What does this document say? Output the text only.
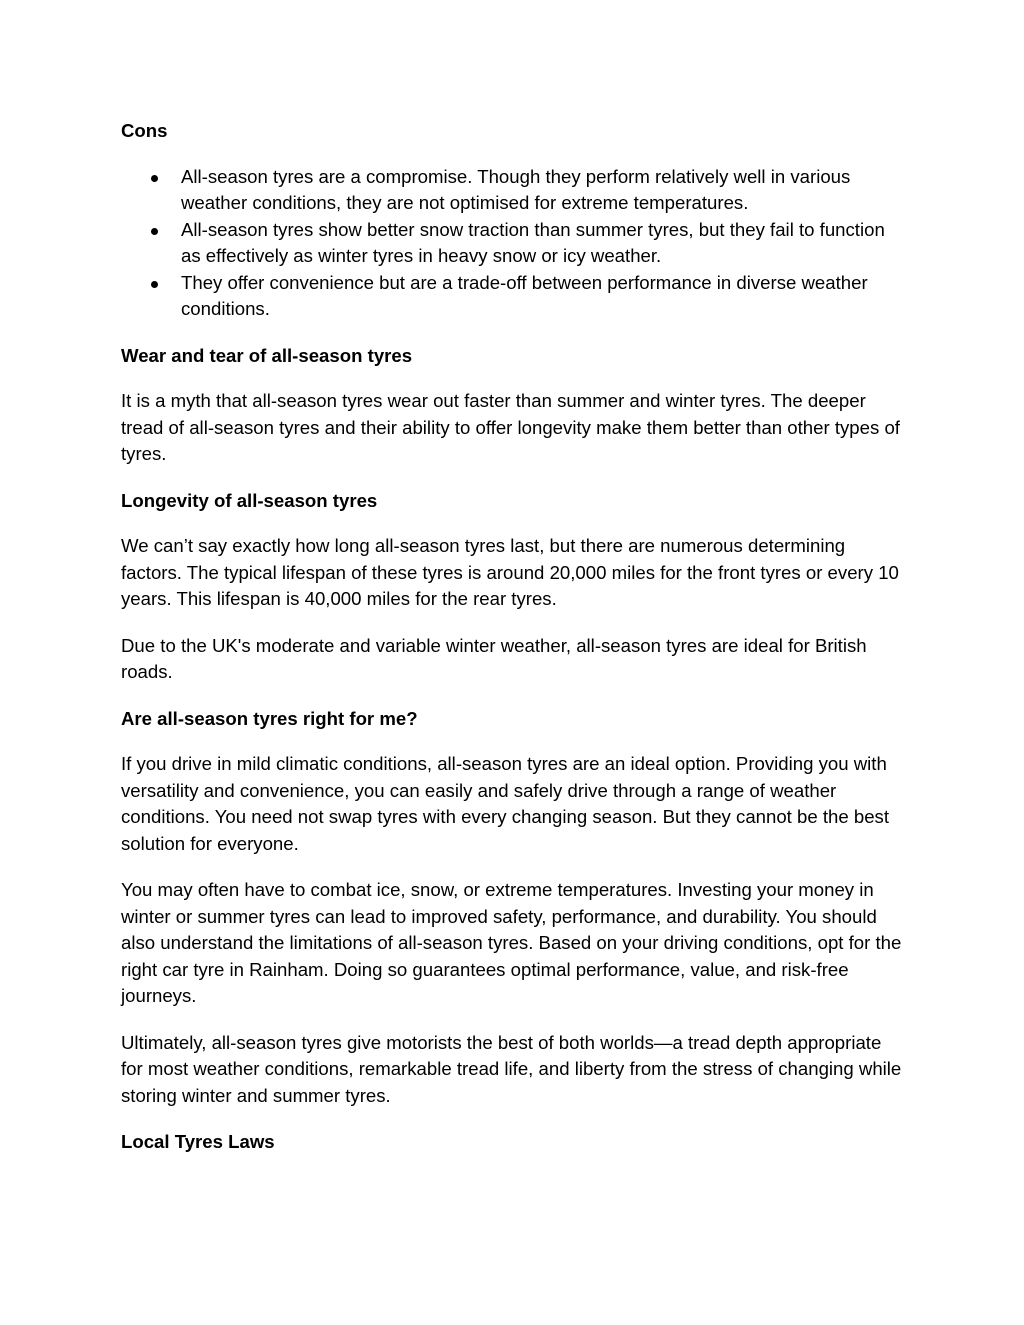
Cons
All-season tyres are a compromise. Though they perform relatively well in various weather conditions, they are not optimised for extreme temperatures.
All-season tyres show better snow traction than summer tyres, but they fail to function as effectively as winter tyres in heavy snow or icy weather.
They offer convenience but are a trade-off between performance in diverse weather conditions.
Wear and tear of all-season tyres

It is a myth that all-season tyres wear out faster than summer and winter tyres. The deeper tread of all-season tyres and their ability to offer longevity make them better than other types of tyres.

Longevity of all-season tyres

We can’t say exactly how long all-season tyres last, but there are numerous determining factors. The typical lifespan of these tyres is around 20,000 miles for the front tyres or every 10 years. This lifespan is 40,000 miles for the rear tyres.

Due to the UK's moderate and variable winter weather, all-season tyres are ideal for British roads.

Are all-season tyres right for me?

If you drive in mild climatic conditions, all-season tyres are an ideal option. Providing you with versatility and convenience, you can easily and safely drive through a range of weather conditions. You need not swap tyres with every changing season. But they cannot be the best solution for everyone.

You may often have to combat ice, snow, or extreme temperatures. Investing your money in winter or summer tyres can lead to improved safety, performance, and durability. You should also understand the limitations of all-season tyres. Based on your driving conditions, opt for the right car tyre in Rainham. Doing so guarantees optimal performance, value, and risk-free journeys.

Ultimately, all-season tyres give motorists the best of both worlds—a tread depth appropriate for most weather conditions, remarkable tread life, and liberty from the stress of changing while storing winter and summer tyres.

Local Tyres Laws
